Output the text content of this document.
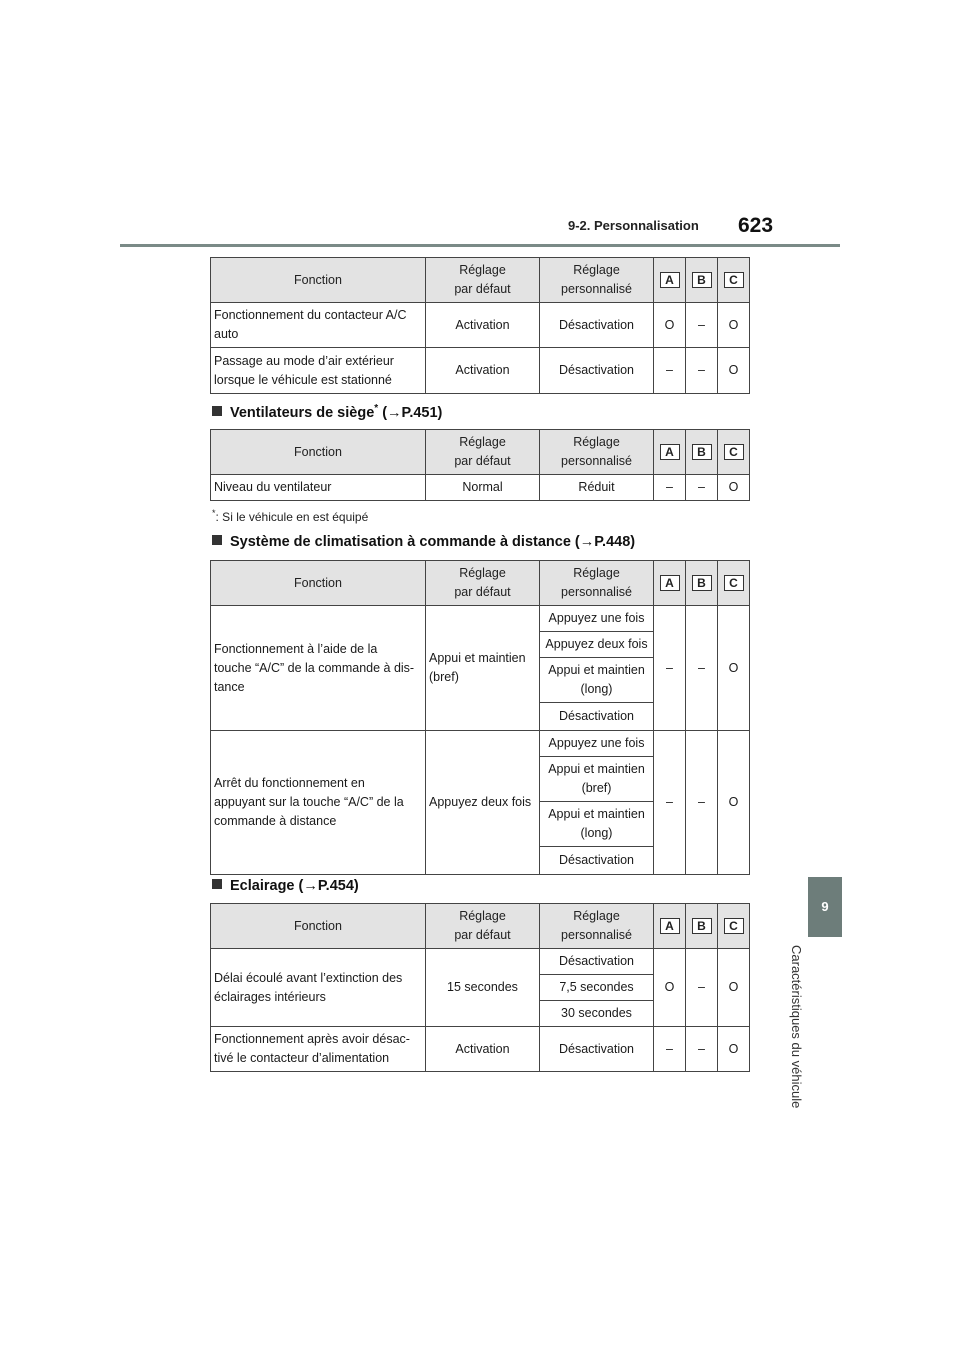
9-2. Personnalisation 623
9
Caractéristiques du véhicule
Fonction	Réglage
par défaut	Réglage
personnalisé	A	B	C
Fonctionnement du contacteur A/C
auto	Activation	Désactivation	O	–	O
Passage au mode d’air extérieur
lorsque le véhicule est stationné	Activation	Désactivation	–	–	O
Ventilateurs de siège* (→P.451)
Fonction	Réglage
par défaut	Réglage
personnalisé	A	B	C
Niveau du ventilateur	Normal	Réduit	–	–	O
*: Si le véhicule en est équipé
Système de climatisation à commande à distance (→P.448)
Fonction	Réglage
par défaut	Réglage
personnalisé	A	B	C
Fonctionnement à l’aide de la
touche “A/C” de la commande à dis-
tance	Appui et maintien
(bref)	Appuyez une fois	–	–	O
		Appuyez deux fois			
		Appui et maintien (long)			
		Désactivation			
Arrêt du fonctionnement en
appuyant sur la touche “A/C” de la
commande à distance	Appuyez deux fois	Appuyez une fois	–	–	O
		Appui et maintien (bref)			
		Appui et maintien (long)			
		Désactivation			
Eclairage (→P.454)
Fonction	Réglage
par défaut	Réglage
personnalisé	A	B	C
Délai écoulé avant l’extinction des
éclairages intérieurs	15 secondes	Désactivation	O	–	O
		7,5 secondes			
		30 secondes			
Fonctionnement après avoir désac-
tivé le contacteur d’alimentation	Activation	Désactivation	–	–	O
